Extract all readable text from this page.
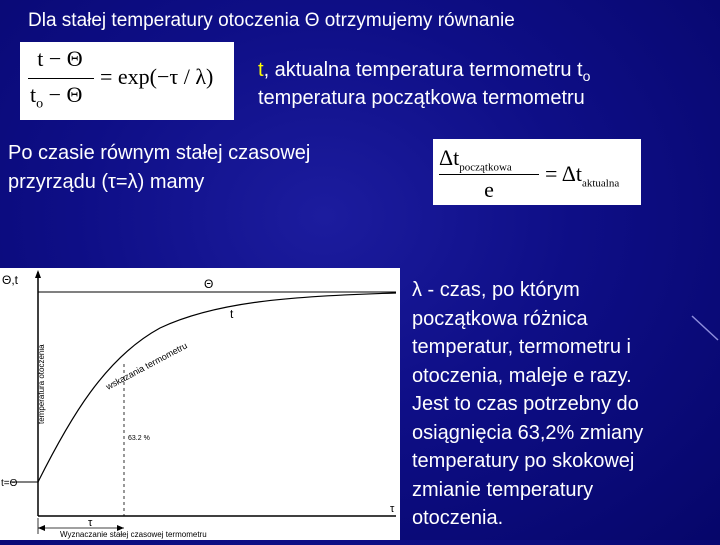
Dla stałej temperatury otoczenia Θ otrzymujemy równanie
t − Θ
$t_o - \Theta$
= exp(−τ / λ) t, aktualna temperatura termometru $t_o$
temperatura początkowa termometru
Po czasie równym stałej czasowej
przyrządu (τ=λ) mamy
$\Delta t_{początkowa}$
e
= $\Delta t_{aktualna}$
Θ,t	Θ
t
temperatura otoczenia	wskazania termometru
63.2 %
t=Θ
τ
τ
Wyznaczanie stałej czasowej termometru
λ - czas, po którym
początkowa różnica
temperatur, termometru i
otoczenia, maleje e razy.
Jest to czas potrzebny do
osiągnięcia 63,2% zmiany
temperatury po skokowej
zmianie temperatury
otoczenia.
